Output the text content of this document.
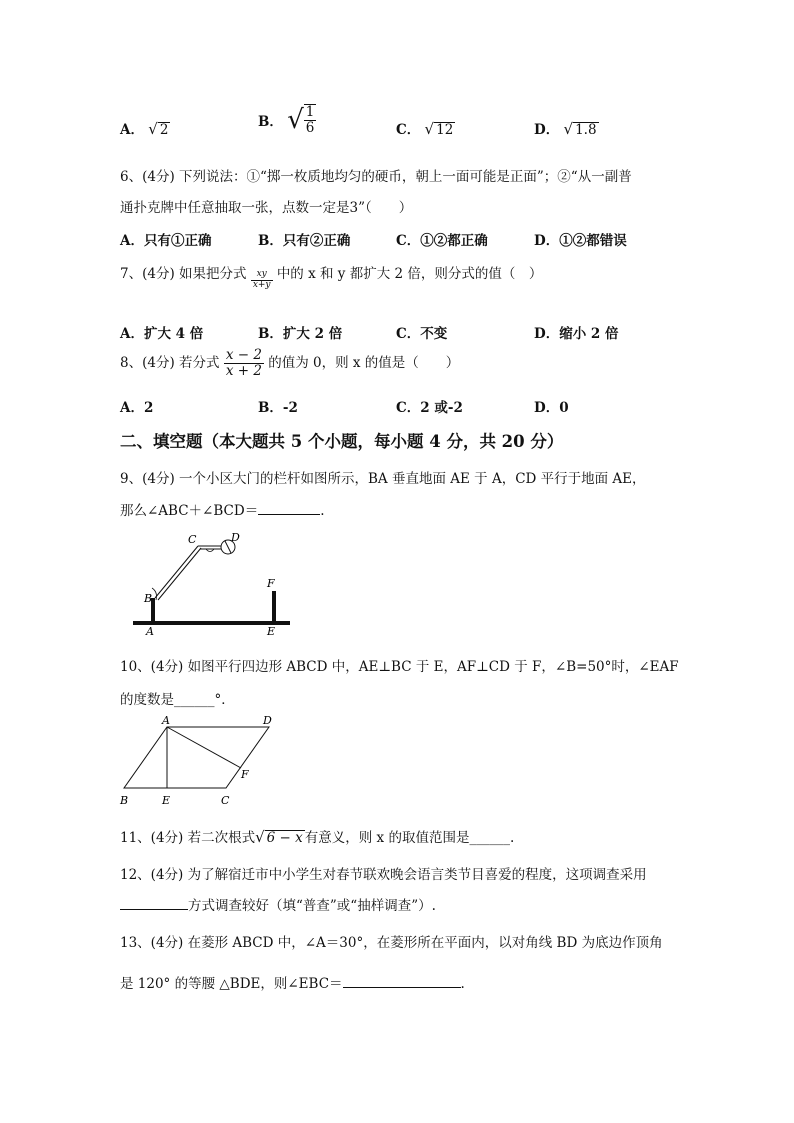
A． √ 2
B． √ $\frac{1}{6}$	C． √ 12	D． √ 1.8
6、(4分) 下列说法：①“掷一枚质地均匀的硬币，朝上一面可能是正面”；②“从一副普
通扑克牌中任意抽取一张，点数一定是3”（　　）
A．只有①正确	B．只有②正确	C．①②都正确	D．①②都错误
7、(4分) 如果把分式 $\frac{xy}{x+y}$ 中的 x 和 y 都扩大 2 倍，则分式的值（　）
A．扩大 4 倍	B．扩大 2 倍	C．不变	D．缩小 2 倍
8、(4分) 若分式 $\frac{x - 2}{x + 2}$ 的值为 0，则 x 的值是（　　）
A．2	B．-2	C．2 或-2	D．0
二、填空题（本大题共 5 个小题，每小题 4 分，共 20 分）
9、(4分) 一个小区大门的栏杆如图所示，BA 垂直地面 AE 于 A，CD 平行于地面 AE，
那么∠ABC＋∠BCD＝	.
B
A
C	D
F
E
10、(4分) 如图平行四边形 ABCD 中，AE⊥BC 于 E，AF⊥CD 于 F，∠B=50°时，∠EAF
的度数是______°．
A	D
F
B	E	C
11、(4分) 若二次根式√ 6 − x 有意义，则 x 的取值范围是______.
12、(4分) 为了解宿迁市中小学生对春节联欢晚会语言类节目喜爱的程度，这项调查采用
方式调查较好（填“普查”或“抽样调查”）.
13、(4分) 在菱形 ABCD 中，∠A＝30°，在菱形所在平面内，以对角线 BD 为底边作顶角
是 120° 的等腰 △BDE，则∠EBC＝	.
